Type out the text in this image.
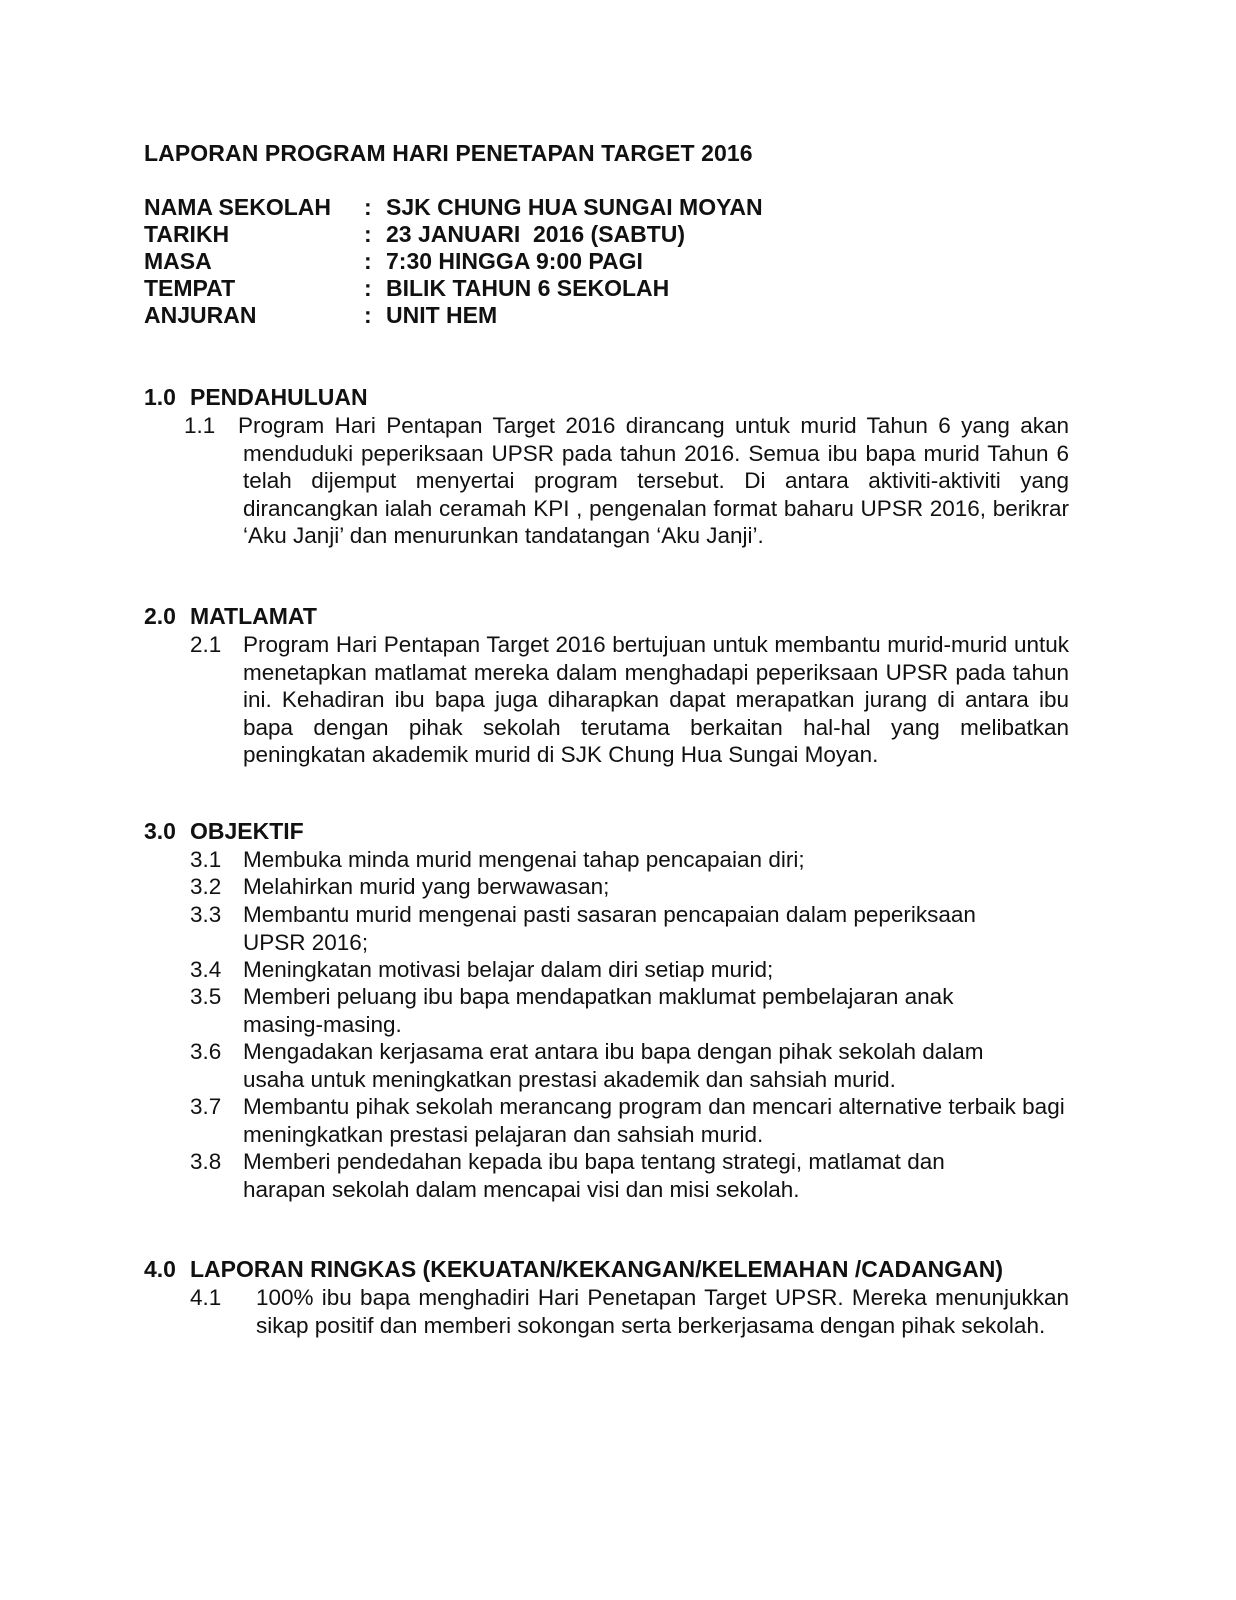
LAPORAN PROGRAM HARI PENETAPAN TARGET 2016
NAMA SEKOLAH : SJK CHUNG HUA SUNGAI MOYAN
TARIKH	: 23 JANUARI  2016 (SABTU)
MASA	: 7:30 HINGGA 9:00 PAGI
TEMPAT	: BILIK TAHUN 6 SEKOLAH
ANJURAN	: UNIT HEM
1.0 PENDAHULUAN
1.1 Program Hari Pentapan Target 2016 dirancang untuk murid Tahun 6 yang akan menduduki peperiksaan UPSR pada tahun 2016. Semua ibu bapa murid Tahun 6 telah dijemput menyertai program tersebut. Di antara aktiviti-aktiviti yang dirancangkan ialah ceramah KPI , pengenalan format baharu UPSR 2016, berikrar ‘Aku Janji’ dan menurunkan tandatangan ‘Aku Janji’.
2.0 MATLAMAT
2.1 Program Hari Pentapan Target 2016 bertujuan untuk membantu murid-murid untuk menetapkan matlamat mereka dalam menghadapi peperiksaan UPSR pada tahun ini. Kehadiran ibu bapa juga diharapkan dapat merapatkan jurang di antara ibu bapa dengan pihak sekolah terutama berkaitan hal-hal yang melibatkan peningkatan akademik murid di SJK Chung Hua Sungai Moyan.
3.0 OBJEKTIF
3.1 Membuka minda murid mengenai tahap pencapaian diri;
3.2 Melahirkan murid yang berwawasan;
3.3 Membantu murid mengenai pasti sasaran pencapaian dalam peperiksaan UPSR 2016;
3.4 Meningkatan motivasi belajar dalam diri setiap murid;
3.5 Memberi peluang ibu bapa mendapatkan maklumat pembelajaran anak masing-masing.
3.6 Mengadakan kerjasama erat antara ibu bapa dengan pihak sekolah dalam usaha untuk meningkatkan prestasi akademik dan sahsiah murid.
3.7 Membantu pihak sekolah merancang program dan mencari alternative terbaik bagi meningkatkan prestasi pelajaran dan sahsiah murid.
3.8 Memberi pendedahan kepada ibu bapa tentang strategi, matlamat dan harapan sekolah dalam mencapai visi dan misi sekolah.
4.0 LAPORAN RINGKAS (KEKUATAN/KEKANGAN/KELEMAHAN /CADANGAN)
4.1 100% ibu bapa menghadiri Hari Penetapan Target UPSR. Mereka menunjukkan sikap positif dan memberi sokongan serta berkerjasama dengan pihak sekolah.
